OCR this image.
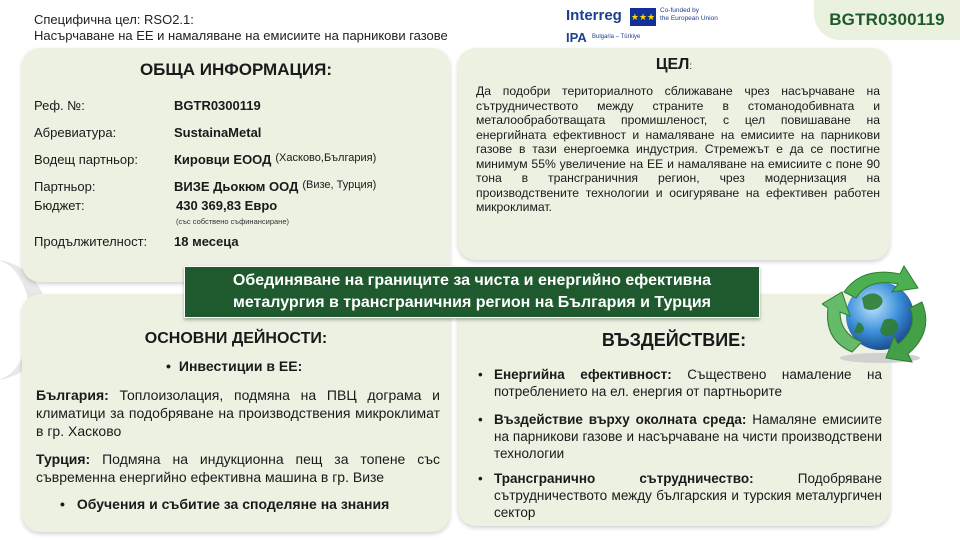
Специфична цел: RSO2.1:
Насърчаване на ЕЕ и намаляване на емисиите на парникови газове
Interreg ★★★
Co-funded by
the European Union
IPA Bulgaria – Türkiye
BGTR0300119
ОБЩА ИНФОРМАЦИЯ:
Реф. №:	BGTR0300119
Абревиатура:	SustainaMetal
Водещ партньор:	Кировци ЕООД (Хасково,България)
Партньор:	ВИЗЕ Дьокюм ООД (Визе, Турция)
Бюджет:	430 369,83 Евро
(със собствено съфинансиране)
Продължителност:	18 месеца
ЦЕЛ:
Да подобри териториалното сближаване чрез насърчаване на сътрудничеството между страните в стоманодобивната и металообработващата промишленост, с цел повишаване на енергийната ефективност и намаляване на емисиите на парникови газове в тази енергоемка индустрия. Стремежът е да се постигне минимум 55% увеличение на ЕЕ и намаляване на емисиите с поне 90 тона в трансграничния регион, чрез модернизация на производствените технологии и осигуряване на ефективен работен микроклимат.
ОСНОВНИ ДЕЙНОСТИ:
• Инвестиции в ЕЕ:
България: Топлоизолация, подмяна на ПВЦ дограма и климатици за подобряване на производствения микроклимат в гр. Хасково
Турция: Подмяна на индукционна пещ за топене със съвременна енергийно ефективна машина в гр. Визе
• Обучения и събитие за споделяне на знания
ВЪЗДЕЙСТВИЕ:
• Енергийна ефективност: Съществено намаление на потреблението на ел. енергия от партньорите
• Въздействие върху околната среда: Намаляне емисиите на парникови газове и насърчаване на чисти производствени технологии
• Трансгранично сътрудничество: Подобряване сътрудничеството между българския и турския металургичен сектор
Обединяване на границите за чиста и енергийно ефективна
металургия в трансграничния регион на България и Турция
